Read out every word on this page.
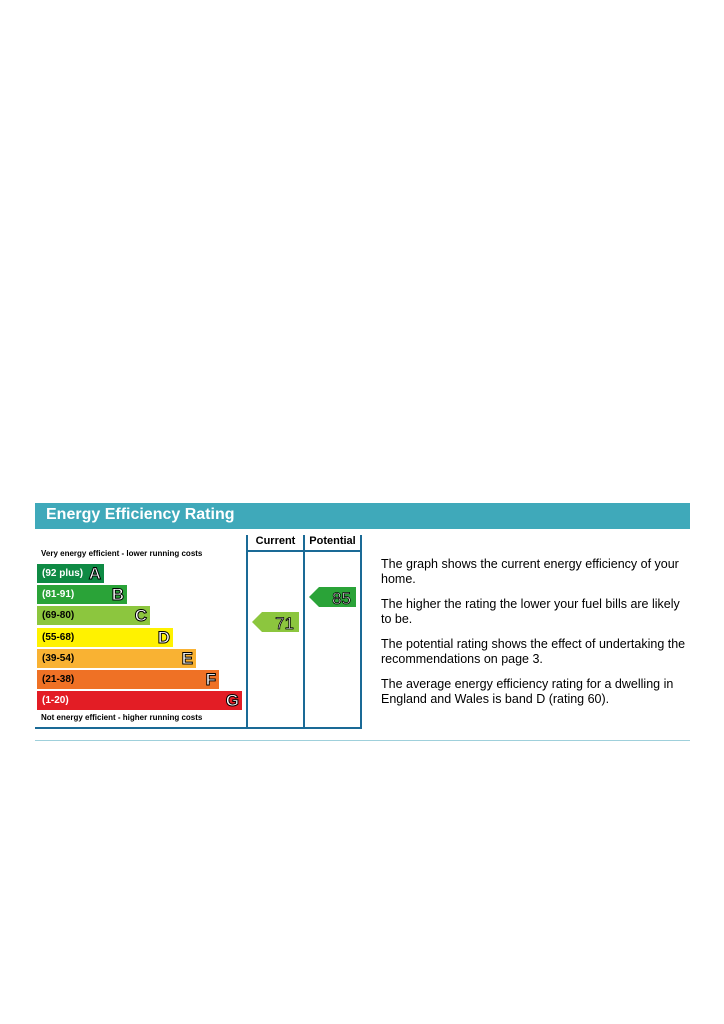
Energy Efficiency Rating
Current	Potential
Very energy efficient - lower running costs
(92 plus) A
(81-91) B
(69-80)	C
(55-68)	D
(39-54)	E
(21-38)	F
(1-20)	G
Not energy efficient - higher running costs
71
85

The graph shows the current energy efficiency of your home.

The higher the rating the lower your fuel bills are likely to be.

The potential rating shows the effect of undertaking the recommendations on page 3.

The average energy efficiency rating for a dwelling in England and Wales is band D (rating 60).
